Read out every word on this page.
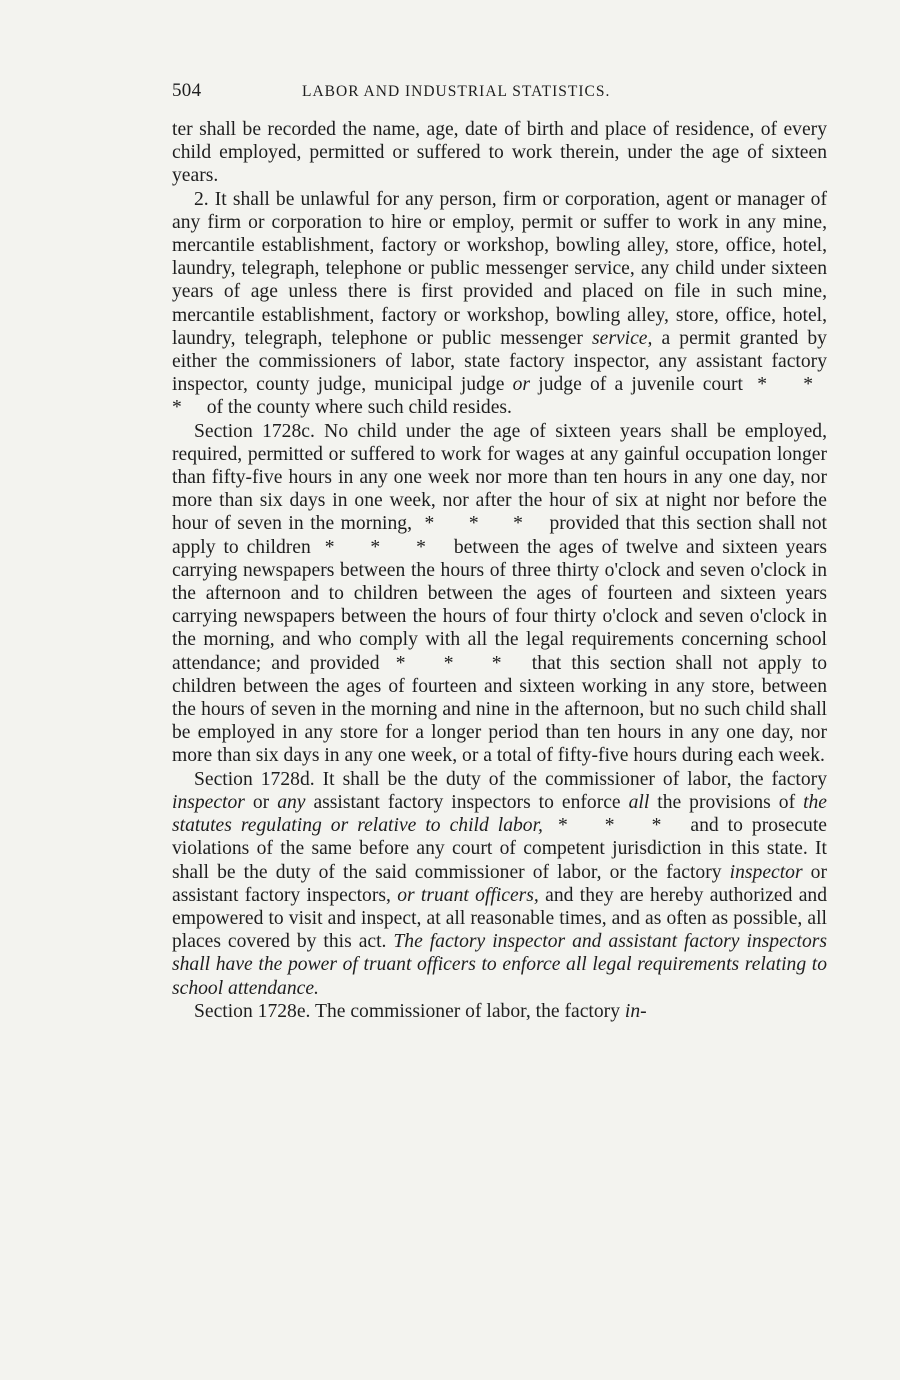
504	LABOR AND INDUSTRIAL STATISTICS.

ter shall be recorded the name, age, date of birth and place of residence, of every child employed, permitted or suffered to work therein, under the age of sixteen years.

2. It shall be unlawful for any person, firm or corporation, agent or manager of any firm or corporation to hire or employ, permit or suffer to work in any mine, mercantile establishment, factory or workshop, bowling alley, store, office, hotel, laundry, telegraph, telephone or public messenger service, any child under sixteen years of age unless there is first provided and placed on file in such mine, mercantile establishment, factory or workshop, bowling alley, store, office, hotel, laundry, telegraph, telephone or public messenger service, a permit granted by either the commissioners of labor, state factory inspector, any assistant factory inspector, county judge, municipal judge or judge of a juvenile court * * * of the county where such child resides.

Section 1728c. No child under the age of sixteen years shall be employed, required, permitted or suffered to work for wages at any gainful occupation longer than fifty-five hours in any one week nor more than ten hours in any one day, nor more than six days in one week, nor after the hour of six at night nor before the hour of seven in the morning, * * * provided that this section shall not apply to children * * * between the ages of twelve and sixteen years carrying newspapers between the hours of three thirty o'clock and seven o'clock in the afternoon and to children between the ages of fourteen and sixteen years carrying newspapers between the hours of four thirty o'clock and seven o'clock in the morning, and who comply with all the legal requirements concerning school attendance; and provided * * * that this section shall not apply to children between the ages of fourteen and sixteen working in any store, between the hours of seven in the morning and nine in the afternoon, but no such child shall be employed in any store for a longer period than ten hours in any one day, nor more than six days in any one week, or a total of fifty-five hours during each week.

Section 1728d. It shall be the duty of the commissioner of labor, the factory inspector or any assistant factory inspectors to enforce all the provisions of the statutes regulating or relative to child labor, * * * and to prosecute violations of the same before any court of competent jurisdiction in this state. It shall be the duty of the said commissioner of labor, or the factory inspector or assistant factory inspectors, or truant officers, and they are hereby authorized and empowered to visit and inspect, at all reasonable times, and as often as possible, all places covered by this act. The factory inspector and assistant factory inspectors shall have the power of truant officers to enforce all legal requirements relating to school attendance.

Section 1728e. The commissioner of labor, the factory in-
